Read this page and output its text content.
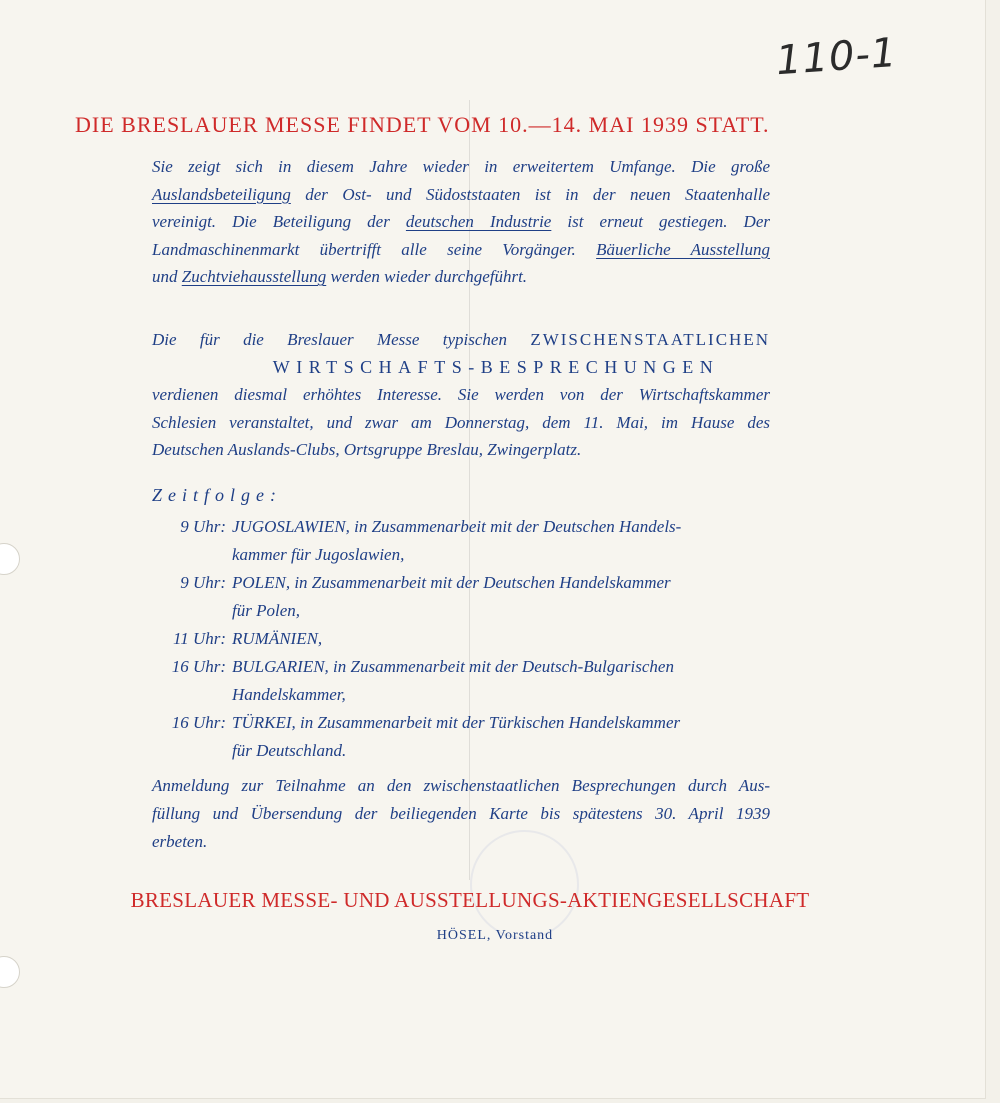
110-1
DIE BRESLAUER MESSE FINDET VOM 10.—14. MAI 1939 STATT.

Sie zeigt sich in diesem Jahre wieder in erweitertem Umfange. Die große

Auslandsbeteiligung der Ost- und Südoststaaten ist in der neuen Staatenhalle

vereinigt. Die Beteiligung der deutschen Industrie ist erneut gestiegen. Der

Landmaschinenmarkt übertrifft alle seine Vorgänger. Bäuerliche Ausstellung

und Zuchtviehausstellung werden wieder durchgeführt.

Die für die Breslauer Messe typischen ZWISCHENSTAATLICHEN

WIRTSCHAFTS-BESPRECHUNGEN

verdienen diesmal erhöhtes Interesse. Sie werden von der Wirtschaftskammer

Schlesien veranstaltet, und zwar am Donnerstag, dem 11. Mai, im Hause des

Deutschen Auslands-Clubs, Ortsgruppe Breslau, Zwingerplatz.

Zeitfolge:
9 Uhr: JUGOSLAWIEN, in Zusammenarbeit mit der Deutschen Handels-
kammer für Jugoslawien,
9 Uhr: POLEN, in Zusammenarbeit mit der Deutschen Handelskammer
für Polen,
11 Uhr: RUMÄNIEN,
16 Uhr: BULGARIEN, in Zusammenarbeit mit der Deutsch-Bulgarischen
Handelskammer,
16 Uhr: TÜRKEI, in Zusammenarbeit mit der Türkischen Handelskammer
für Deutschland.

Anmeldung zur Teilnahme an den zwischenstaatlichen Besprechungen durch Aus-

füllung und Übersendung der beiliegenden Karte bis spätestens 30. April 1939

erbeten.

BRESLAUER MESSE- UND AUSSTELLUNGS-AKTIENGESELLSCHAFT
HÖSEL, Vorstand
